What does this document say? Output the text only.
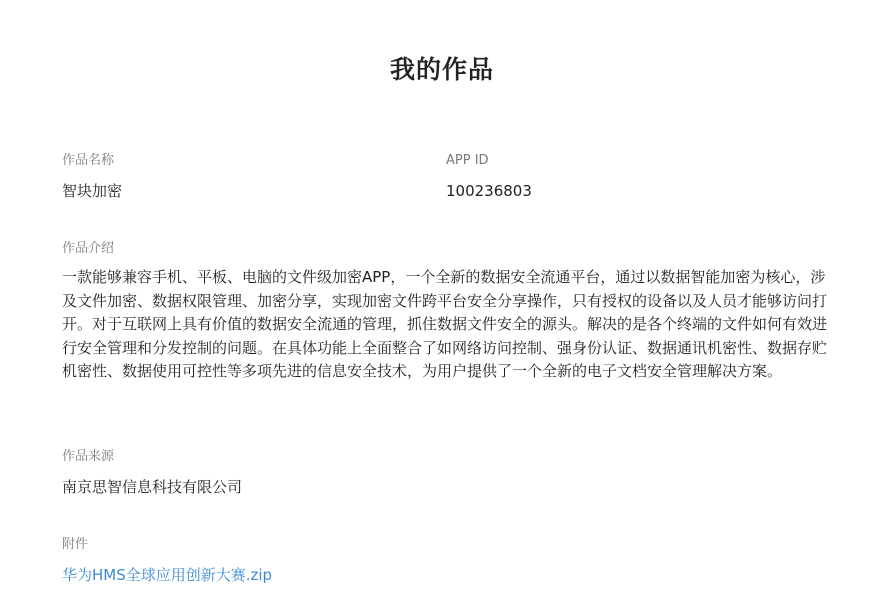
我的作品
作品名称
智块加密
APP ID
100236803
作品介绍
一款能够兼容手机、平板、电脑的文件级加密APP，一个全新的数据安全流通平台，通过以数据智能加密为核心，涉及文件加密、数据权限管理、加密分享，实现加密文件跨平台安全分享操作，只有授权的设备以及人员才能够访问打开。对于互联网上具有价值的数据安全流通的管理，抓住数据文件安全的源头。解决的是各个终端的文件如何有效进行安全管理和分发控制的问题。在具体功能上全面整合了如网络访问控制、强身份认证、数据通讯机密性、数据存贮机密性、数据使用可控性等多项先进的信息安全技术，为用户提供了一个全新的电子文档安全管理解决方案。
作品来源
南京思智信息科技有限公司
附件
华为HMS全球应用创新大赛.zip
